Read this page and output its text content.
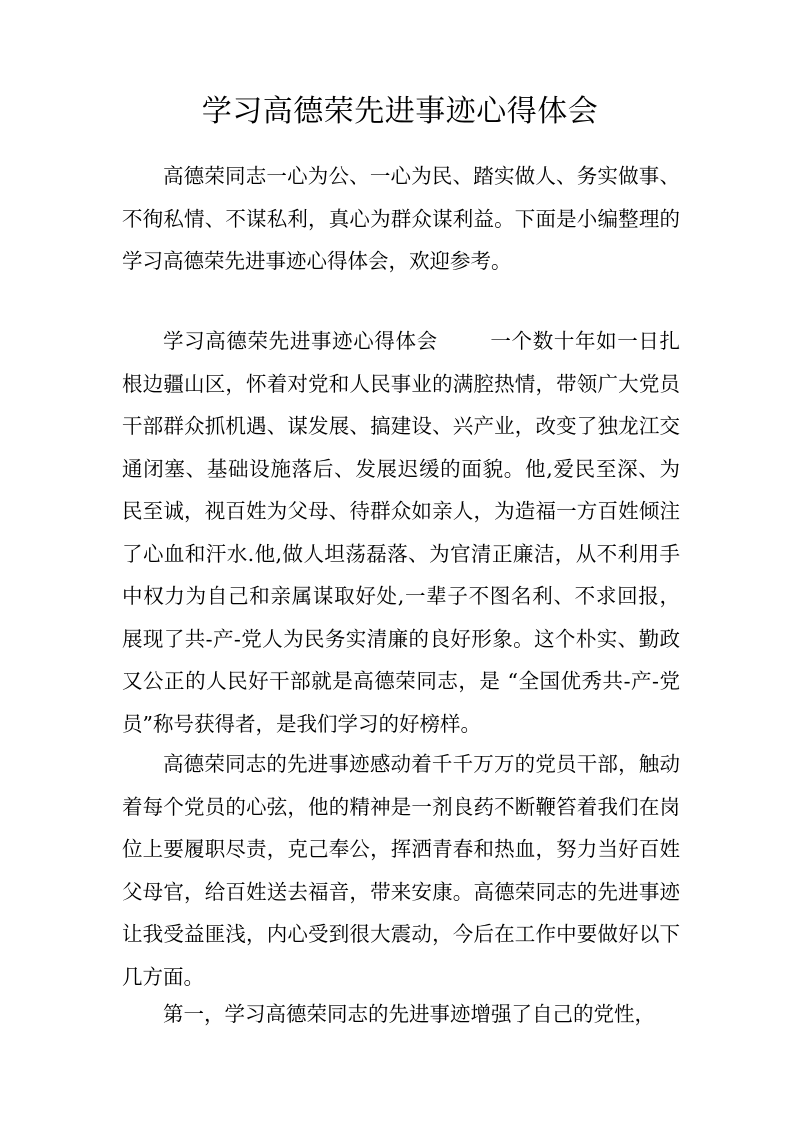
学习高德荣先进事迹心得体会

高德荣同志一心为公、一心为民、踏实做人、务实做事、不徇私情、不谋私利，真心为群众谋利益。下面是小编整理的学习高德荣先进事迹心得体会，欢迎参考。

学习高德荣先进事迹心得体会	一个数十年如一日扎根边疆山区，怀着对党和人民事业的满腔热情，带领广大党员干部群众抓机遇、谋发展、搞建设、兴产业，改变了独龙江交通闭塞、基础设施落后、发展迟缓的面貌。他,爱民至深、为民至诚，视百姓为父母、待群众如亲人，为造福一方百姓倾注了心血和汗水.他,做人坦荡磊落、为官清正廉洁，从不利用手中权力为自己和亲属谋取好处,一辈子不图名利、不求回报，展现了共-产-党人为民务实清廉的良好形象。这个朴实、勤政又公正的人民好干部就是高德荣同志，是 “全国优秀共-产-党员”称号获得者，是我们学习的好榜样。

高德荣同志的先进事迹感动着千千万万的党员干部，触动着每个党员的心弦，他的精神是一剂良药不断鞭笞着我们在岗位上要履职尽责，克己奉公，挥洒青春和热血，努力当好百姓父母官，给百姓送去福音，带来安康。高德荣同志的先进事迹让我受益匪浅，内心受到很大震动，今后在工作中要做好以下几方面。

第一，学习高德荣同志的先进事迹增强了自己的党性，
